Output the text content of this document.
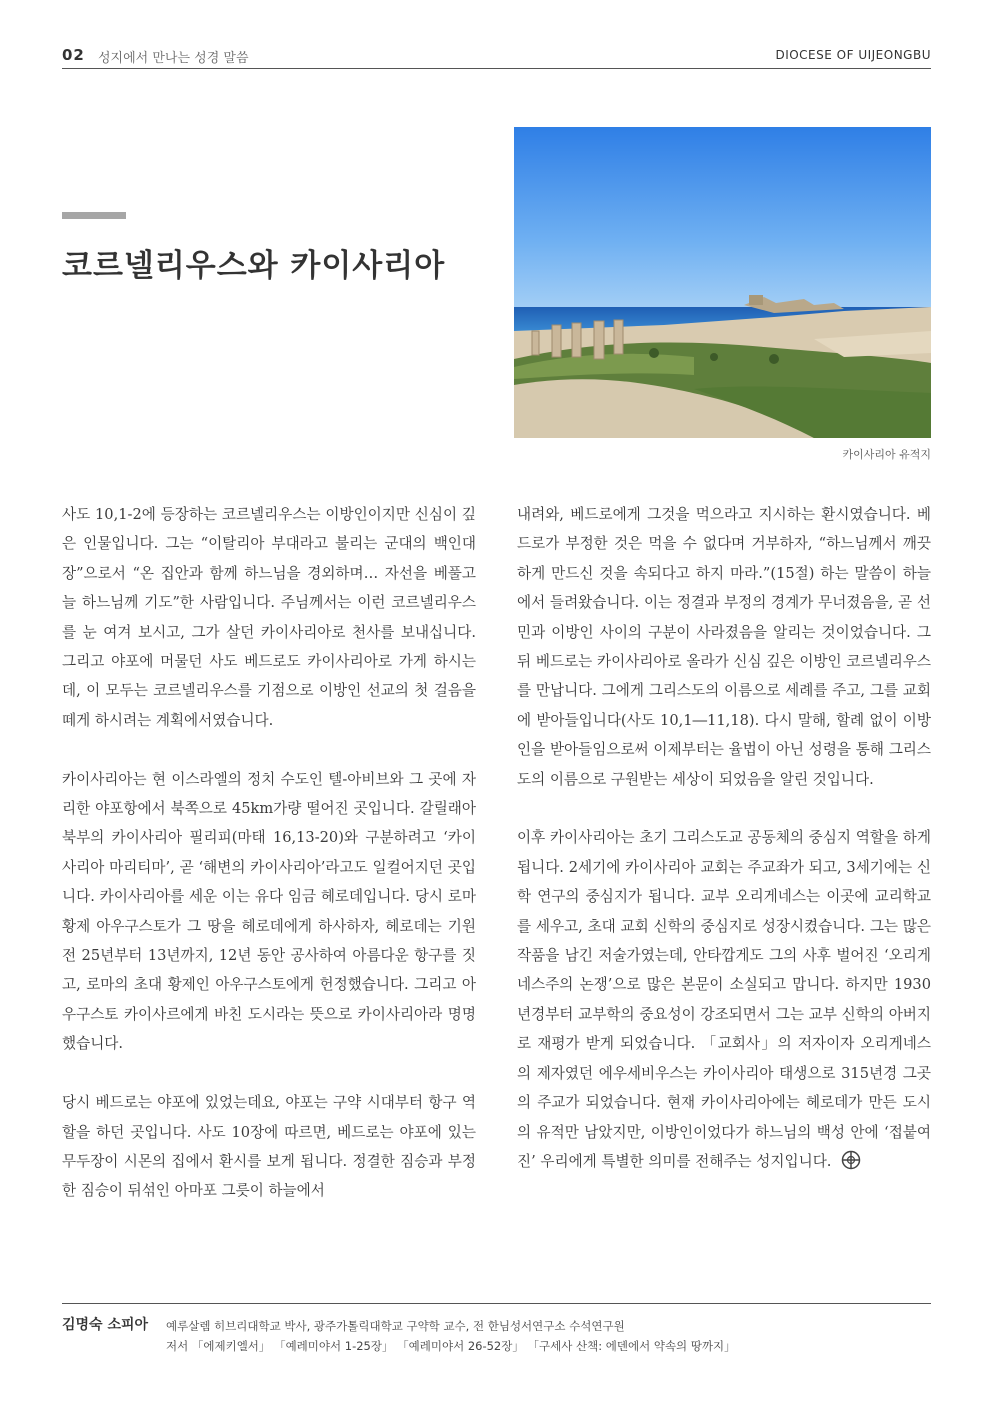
02 성지에서 만나는 성경 말씀	DIOCESE OF UIJEONGBU
코르넬리우스와 카이사리아
카이사리아 유적지

사도 10,1-2에 등장하는 코르넬리우스는 이방인이지만 신심이 깊은 인물입니다. 그는 “이탈리아 부대라고 불리는 군대의 백인대장”으로서 “온 집안과 함께 하느님을 경외하며… 자선을 베풀고 늘 하느님께 기도”한 사람입니다. 주님께서는 이런 코르넬리우스를 눈 여겨 보시고, 그가 살던 카이사리아로 천사를 보내십니다. 그리고 야포에 머물던 사도 베드로도 카이사리아로 가게 하시는데, 이 모두는 코르넬리우스를 기점으로 이방인 선교의 첫 걸음을 떼게 하시려는 계획에서였습니다.

카이사리아는 현 이스라엘의 정치 수도인 텔-아비브와 그 곳에 자리한 야포항에서 북쪽으로 45km가량 떨어진 곳입니다. 갈릴래아 북부의 카이사리아 필리피(마태 16,13-20)와 구분하려고 ‘카이사리아 마리티마’, 곧 ‘해변의 카이사리아’라고도 일컬어지던 곳입니다. 카이사리아를 세운 이는 유다 임금 헤로데입니다. 당시 로마 황제 아우구스토가 그 땅을 헤로데에게 하사하자, 헤로데는 기원전 25년부터 13년까지, 12년 동안 공사하여 아름다운 항구를 짓고, 로마의 초대 황제인 아우구스토에게 헌정했습니다. 그리고 아우구스토 카이사르에게 바친 도시라는 뜻으로 카이사리아라 명명했습니다.

당시 베드로는 야포에 있었는데요, 야포는 구약 시대부터 항구 역할을 하던 곳입니다. 사도 10장에 따르면, 베드로는 야포에 있는 무두장이 시몬의 집에서 환시를 보게 됩니다. 정결한 짐승과 부정한 짐승이 뒤섞인 아마포 그릇이 하늘에서

내려와, 베드로에게 그것을 먹으라고 지시하는 환시였습니다. 베드로가 부정한 것은 먹을 수 없다며 거부하자, “하느님께서 깨끗하게 만드신 것을 속되다고 하지 마라.”(15절) 하는 말씀이 하늘에서 들려왔습니다. 이는 정결과 부정의 경계가 무너졌음을, 곧 선민과 이방인 사이의 구분이 사라졌음을 알리는 것이었습니다. 그 뒤 베드로는 카이사리아로 올라가 신심 깊은 이방인 코르넬리우스를 만납니다. 그에게 그리스도의 이름으로 세례를 주고, 그를 교회에 받아들입니다(사도 10,1―11,18). 다시 말해, 할례 없이 이방인을 받아들임으로써 이제부터는 율법이 아닌 성령을 통해 그리스도의 이름으로 구원받는 세상이 되었음을 알린 것입니다.

이후 카이사리아는 초기 그리스도교 공동체의 중심지 역할을 하게 됩니다. 2세기에 카이사리아 교회는 주교좌가 되고, 3세기에는 신학 연구의 중심지가 됩니다. 교부 오리게네스는 이곳에 교리학교를 세우고, 초대 교회 신학의 중심지로 성장시켰습니다. 그는 많은 작품을 남긴 저술가였는데, 안타깝게도 그의 사후 벌어진 ‘오리게네스주의 논쟁’으로 많은 본문이 소실되고 맙니다. 하지만 1930년경부터 교부학의 중요성이 강조되면서 그는 교부 신학의 아버지로 재평가 받게 되었습니다. 「교회사」의 저자이자 오리게네스의 제자였던 에우세비우스는 카이사리아 태생으로 315년경 그곳의 주교가 되었습니다. 현재 카이사리아에는 헤로데가 만든 도시의 유적만 남았지만, 이방인이었다가 하느님의 백성 안에 ‘접붙여진’ 우리에게 특별한 의미를 전해주는 성지입니다.

김명숙 소피아 예루살렘 히브리대학교 박사, 광주가톨릭대학교 구약학 교수, 전 한님성서연구소 수석연구원
저서 「에제키엘서」 「예레미야서 1-25장」 「예레미야서 26-52장」 「구세사 산책: 에덴에서 약속의 땅까지」
